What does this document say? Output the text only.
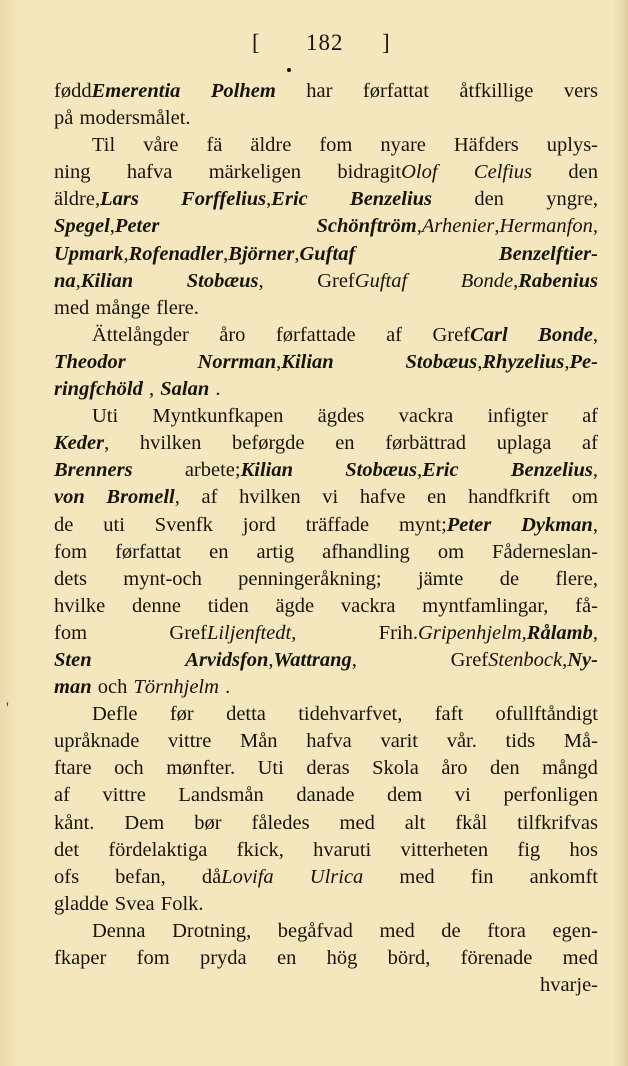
[ 182 ]
'
føddEmerentia Polhem har førfattat åtfkillige vers
på modersmålet.
Til våre fä äldre fom nyare Häfders uplys-
ning hafva märkeligen bidragitOlof Celfius den
äldre,Lars Forffelius,Eric Benzelius den yngre,
Spegel,Peter	Schönftröm,Arhenier,Hermanfon,
Upmark,Rofenadler,Björner,Guftaf	Benzelftier-
na,Kilian	Stobæus,	GrefGuftaf	Bonde,Rabenius
med månge flere.
Ättelångder åro førfattade af GrefCarl Bonde,
Theodor	Norrman,Kilian	Stobæus,Rhyzelius,Pe-
ringfchöld , Salan .
Uti Myntkunfkapen ägdes vackra infigter af
Keder, hvilken beførgde en førbättrad uplaga af
Brenners	arbete;Kilian	Stobæus,Eric	Benzelius,
von Bromell, af hvilken vi hafve en handfkrift om
de uti Svenfk jord träffade mynt;Peter Dykman,
fom førfattat en artig afhandling om Fåderneslan-
dets mynt-och penningeråkning; jämte de flere,
hvilke denne tiden ägde vackra myntfamlingar, få-
fom	GrefLiljenftedt,	Frih.Gripenhjelm,Rålamb,
Sten	Arvidsfon,Wattrang,	GrefStenbock,Ny-
man och Törnhjelm .
Defle før detta tidehvarfvet, faft ofullftåndigt
upråknade vittre Mån hafva varit vår. tids Må-
ftare och mønfter. Uti deras Skola åro den mångd
af vittre Landsmån danade dem vi perfonligen
kånt. Dem bør fåledes med alt fkål tilfkrifvas
det fördelaktiga fkick, hvaruti vitterheten fig hos
ofs befan, dåLovifa Ulrica med fin ankomft
gladde Svea Folk.
Denna Drotning, begåfvad med de ftora egen-
fkaper fom pryda en hög börd, förenade med
hvarje-
